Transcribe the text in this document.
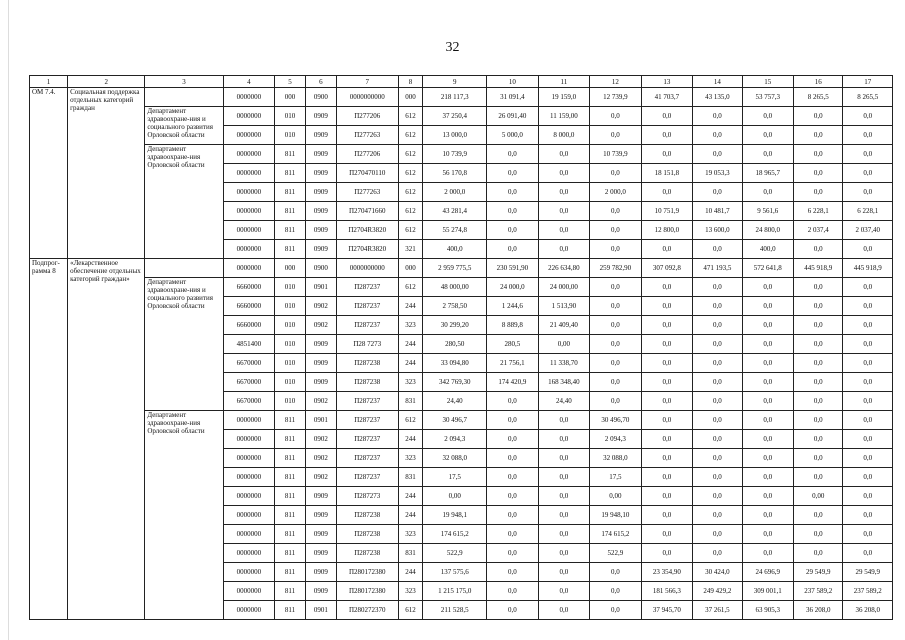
32
1	2	3	4	5	6	7	8	9	10	11	12	13	14	15	16	17
ОМ 7.4.	Социальная поддержка отдельных категорий граждан		0000000	000	0900	0000000000	000	218 117,3	31 091,4	19 159,0	12 739,9	41 703,7	43 135,0	53 757,3	8 265,5	8 265,5
		Департамент здравоохране-ния и социального развития Орловской области	0000000	010	0909	П277206	612	37 250,4	26 091,40	11 159,00	0,0	0,0	0,0	0,0	0,0	0,0
			0000000	010	0909	П277263	612	13 000,0	5 000,0	8 000,0	0,0	0,0	0,0	0,0	0,0	0,0
		Департамент здравоохране-ния Орловской области	0000000	811	0909	П277206	612	10 739,9	0,0	0,0	10 739,9	0,0	0,0	0,0	0,0	0,0
			0000000	811	0909	П270470110	612	56 170,8	0,0	0,0	0,0	18 151,8	19 053,3	18 965,7	0,0	0,0
			0000000	811	0909	П277263	612	2 000,0	0,0	0,0	2 000,0	0,0	0,0	0,0	0,0	0,0
			0000000	811	0909	П270471660	612	43 281,4	0,0	0,0	0,0	10 751,9	10 481,7	9 561,6	6 228,1	6 228,1
			0000000	811	0909	П2704R3820	612	55 274,8	0,0	0,0	0,0	12 800,0	13 600,0	24 800,0	2 037,4	2 037,40
			0000000	811	0909	П2704R3820	321	400,0	0,0	0,0	0,0	0,0	0,0	400,0	0,0	0,0
Подпрог-рамма 8	«Лекарственное обеспечение отдельных категорий граждан»		0000000	000	0900	0000000000	000	2 959 775,5	230 591,90	226 634,80	259 782,90	307 092,8	471 193,5	572 641,8	445 918,9	445 918,9
		Департамент здравоохране-ния и социального развития Орловской области	6660000	010	0901	П287237	612	48 000,00	24 000,0	24 000,00	0,0	0,0	0,0	0,0	0,0	0,0
			6660000	010	0902	П287237	244	2 758,50	1 244,6	1 513,90	0,0	0,0	0,0	0,0	0,0	0,0
			6660000	010	0902	П287237	323	30 299,20	8 889,8	21 409,40	0,0	0,0	0,0	0,0	0,0	0,0
			4851400	010	0909	П28 7273	244	280,50	280,5	0,00	0,0	0,0	0,0	0,0	0,0	0,0
			6670000	010	0909	П287238	244	33 094,80	21 756,1	11 338,70	0,0	0,0	0,0	0,0	0,0	0,0
			6670000	010	0909	П287238	323	342 769,30	174 420,9	168 348,40	0,0	0,0	0,0	0,0	0,0	0,0
			6670000	010	0902	П287237	831	24,40	0,0	24,40	0,0	0,0	0,0	0,0	0,0	0,0
		Департамент здравоохране-ния Орловской области	0000000	811	0901	П287237	612	30 496,7	0,0	0,0	30 496,70	0,0	0,0	0,0	0,0	0,0
			0000000	811	0902	П287237	244	2 094,3	0,0	0,0	2 094,3	0,0	0,0	0,0	0,0	0,0
			0000000	811	0902	П287237	323	32 088,0	0,0	0,0	32 088,0	0,0	0,0	0,0	0,0	0,0
			0000000	811	0902	П287237	831	17,5	0,0	0,0	17,5	0,0	0,0	0,0	0,0	0,0
			0000000	811	0909	П287273	244	0,00	0,0	0,0	0,00	0,0	0,0	0,0	0,00	0,0
			0000000	811	0909	П287238	244	19 948,1	0,0	0,0	19 948,10	0,0	0,0	0,0	0,0	0,0
			0000000	811	0909	П287238	323	174 615,2	0,0	0,0	174 615,2	0,0	0,0	0,0	0,0	0,0
			0000000	811	0909	П287238	831	522,9	0,0	0,0	522,9	0,0	0,0	0,0	0,0	0,0
			0000000	811	0909	П280172380	244	137 575,6	0,0	0,0	0,0	23 354,90	30 424,0	24 696,9	29 549,9	29 549,9
			0000000	811	0909	П280172380	323	1 215 175,0	0,0	0,0	0,0	181 566,3	249 429,2	309 001,1	237 589,2	237 589,2
			0000000	811	0901	П280272370	612	211 528,5	0,0	0,0	0,0	37 945,70	37 261,5	63 905,3	36 208,0	36 208,0
